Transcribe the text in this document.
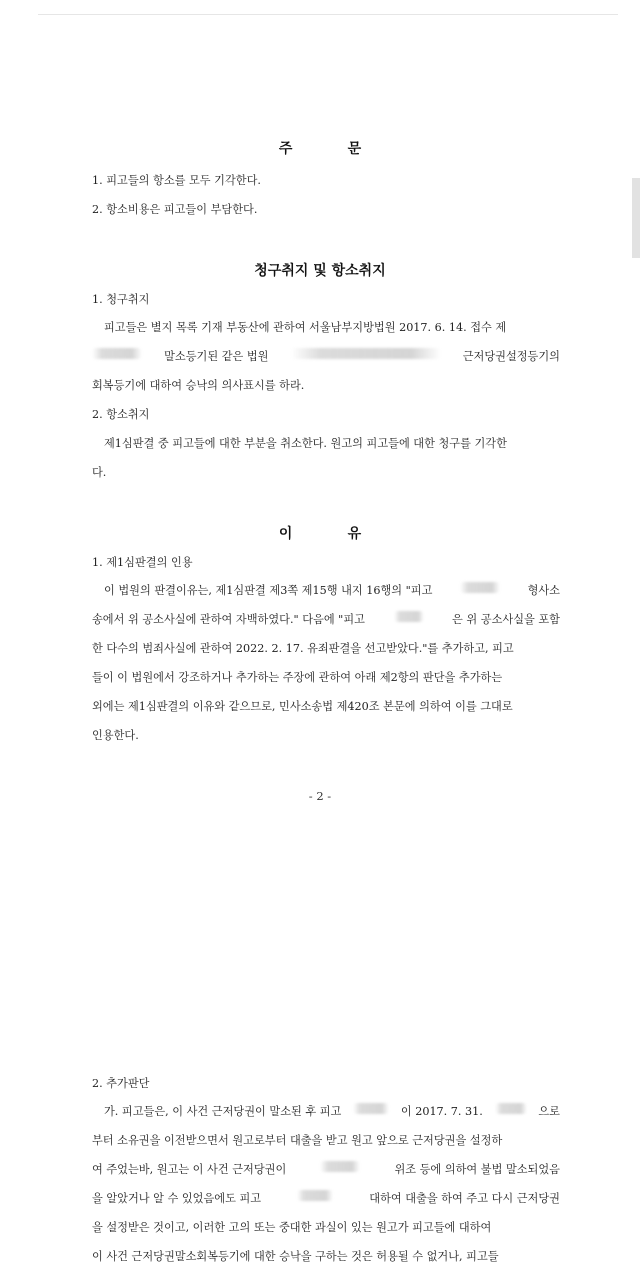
주 문
1. 피고들의 항소를 모두 기각한다.
2. 항소비용은 피고들이 부담한다.
청구취지 및 항소취지
1. 청구취지
피고들은 별지 목록 기재 부동산에 관하여 서울남부지방법원 2017. 6. 14. 접수 제
말소등기된 같은 법원	근저당권설정등기의
회복등기에 대하여 승낙의 의사표시를 하라.
2. 항소취지
제1심판결 중 피고들에 대한 부분을 취소한다. 원고의 피고들에 대한 청구를 기각한
다.
이 유
1. 제1심판결의 인용
이 법원의 판결이유는, 제1심판결 제3쪽 제15행 내지 16행의 "피고	형사소
송에서 위 공소사실에 관하여 자백하였다." 다음에 "피고	은 위 공소사실을 포함
한 다수의 범죄사실에 관하여 2022. 2. 17. 유죄판결을 선고받았다."를 추가하고, 피고
들이 이 법원에서 강조하거나 추가하는 주장에 관하여 아래 제2항의 판단을 추가하는
외에는 제1심판결의 이유와 같으므로, 민사소송법 제420조 본문에 의하여 이를 그대로
인용한다.
- 2 -
2. 추가판단
가. 피고들은, 이 사건 근저당권이 말소된 후 피고	이 2017. 7. 31.	으로
부터 소유권을 이전받으면서 원고로부터 대출을 받고 원고 앞으로 근저당권을 설정하
여 주었는바, 원고는 이 사건 근저당권이	위조 등에 의하여 불법 말소되었음
을 알았거나 알 수 있었음에도 피고	대하여 대출을 하여 주고 다시 근저당권
을 설정받은 것이고, 이러한 고의 또는 중대한 과실이 있는 원고가 피고들에 대하여
이 사건 근저당권말소회복등기에 대한 승낙을 구하는 것은 허용될 수 없거나, 피고들
